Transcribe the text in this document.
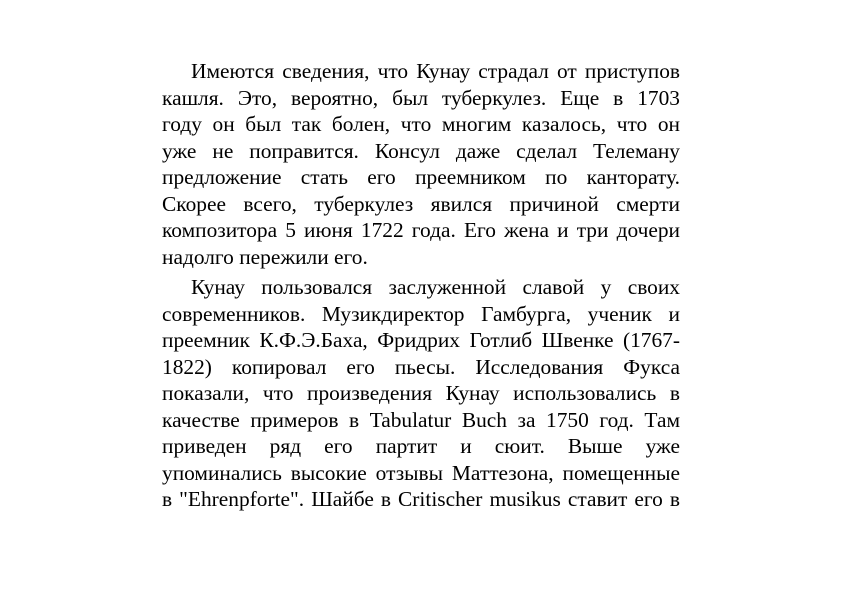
Имеются сведения, что Кунау страдал от приступов
кашля. Это, вероятно, был туберкулез. Еще в 1703
году он был так болен, что многим казалось, что он
уже не поправится. Консул даже сделал Телеману
предложение стать его преемником по канторату.
Скорее всего, туберкулез явился причиной смерти
композитора 5 июня 1722 года. Его жена и три дочери
надолго пережили его.
Кунау пользовался заслуженной славой у своих
современников. Музикдиректор Гамбурга, ученик и
преемник К.Ф.Э.Баха, Фридрих Готлиб Швенке (1767-
1822) копировал его пьесы. Исследования Фукса
показали, что произведения Кунау использовались в
качестве примеров в Tabulatur Buch за 1750 год. Там
приведен ряд его партит и сюит. Выше уже
упоминались высокие отзывы Маттезона, помещенные
в "Ehrenpforte". Шайбе в Critischer musikus ставит его в
